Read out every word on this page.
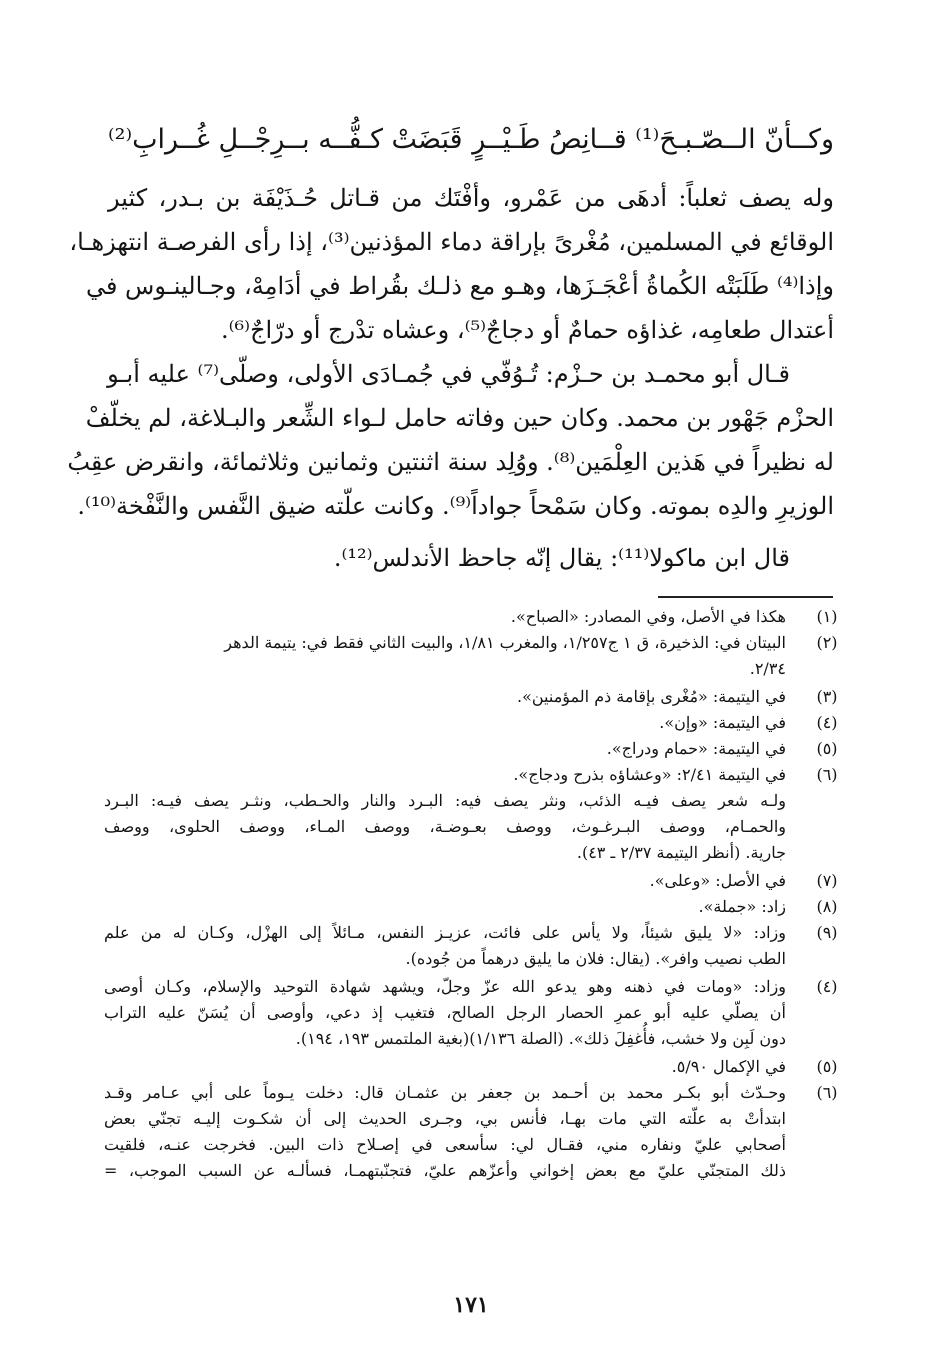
وكــأنّ الــصّـبـحَ⁽¹⁾ قــانِصُ طَـيْــرٍ
قَبَضَتْ كـفُّــه بــرِجْــلِ غُــرابِ⁽²⁾
وله يصف ثعلباً: أدهَى من عَمْرو، وأفْتَك من قـاتل حُـذَيْفَة بن بـدر، كثير
الوقائع في المسلمين، مُغْرىً بإراقة دماء المؤذنين⁽³⁾، إذا رأى الفرصـة انتهزهـا،
وإذا⁽⁴⁾ طَلَبَتْه الكُماةُ أعْجَـزَها، وهـو مع ذلـك بقُراط في أدَامِهْ، وجـالينـوس في
أعتدال طعامِه، غذاؤه حمامٌ أو دجاجٌ⁽⁵⁾، وعشاه تدْرج أو درّاجٌ⁽⁶⁾.
قـال أبو محمـد بن حـزْم: تُـوُفّي في جُمـادَى الأولى، وصلّى⁽⁷⁾ عليه أبـو
الحزْم جَهْور بن محمد. وكان حين وفاته حامل لـواء الشِّعر والبـلاغة، لم يخلّفْ
له نظيراً في هَذين العِلْمَين⁽⁸⁾. ووُلِد سنة اثنتين وثمانين وثلاثمائة، وانقرض عقِبُ
الوزيرِ والدِه بموته. وكان سَمْحاً جواداً⁽⁹⁾. وكانت علّته ضيق النَّفس والنَّفْخة⁽¹⁰⁾.
قال ابن ماكولا⁽¹¹⁾: يقال إنّه جاحظ الأندلس⁽¹²⁾.
(١)
هكذا في الأصل، وفي المصادر: «الصباح».
(٢)
البيتان في: الذخيرة، ق ١ ج١/٢٥٧، والمغرب ١/٨١، والبيت الثاني فقط في: يتيمة الدهر
٢/٣٤.
(٣)
في اليتيمة: «مُغْرى بإقامة ذم المؤمنين».
(٤)
في اليتيمة: «وإن».
(٥)
في اليتيمة: «حمام ودراج».
(٦)
في اليتيمة ٢/٤١: «وعشاؤه بذرح ودجاج».
ولـه شعر يصف فيـه الذئب، ونثر يصف فيه: البـرد والنار والحـطب، ونثـر يصف فيـه: البـرد
والحمـام، ووصف البـرغـوث، ووصف بعـوضـة، ووصف المـاء، ووصف الحلوى، ووصف
جارية. (أنظر اليتيمة ٢/٣٧ ـ ٤٣).
(٧)
في الأصل: «وعلى».
(٨)
زاد: «جملة».
(٩)
وزاد: «لا يليق شيئاً، ولا يأس على فائت، عزيـز النفس، مـائلاً إلى الهزْل، وكـان له من علم
الطب نصيب وافر». (يقال: فلان ما يليق درهماً من جُوده).
(٤)
وزاد: «ومات في ذهنه وهو يدعو الله عزّ وجلّ، ويشهد شهادة التوحيد والإسلام، وكـان أوصى
أن يصلّي عليه أبو عمرِ الحصار الرجل الصالح، فتغيب إذ دعي، وأوصى أن يُسَنّ عليه التراب
دون لَبِن ولا خشب، فأُغفِلَ ذلك». (الصلة ١/١٣٦)(بغية الملتمس ١٩٣، ١٩٤).
(٥)
في الإكمال ٥/٩٠.
(٦)
وحـدّث أبو بكـر محمد بن أحـمد بن جعفر بن عثمـان قال: دخلت يـوماً على أبي عـامر وقـد
ابتدأتْ به علّته التي مات بهـا، فأنس بي، وجـرى الحديث إلى أن شكـوت إليـه تجنّي بعض
أصحابي عليّ ونفاره مني، فقـال لي: سأسعى في إصـلاح ذات البين. فخرجت عنـه، فلقيت
ذلك المتجنّي عليّ مع بعض إخواني وأعزّهم عليّ، فتجنّبتهمـا، فسألـه عن السبب الموجب، =
١٧١
